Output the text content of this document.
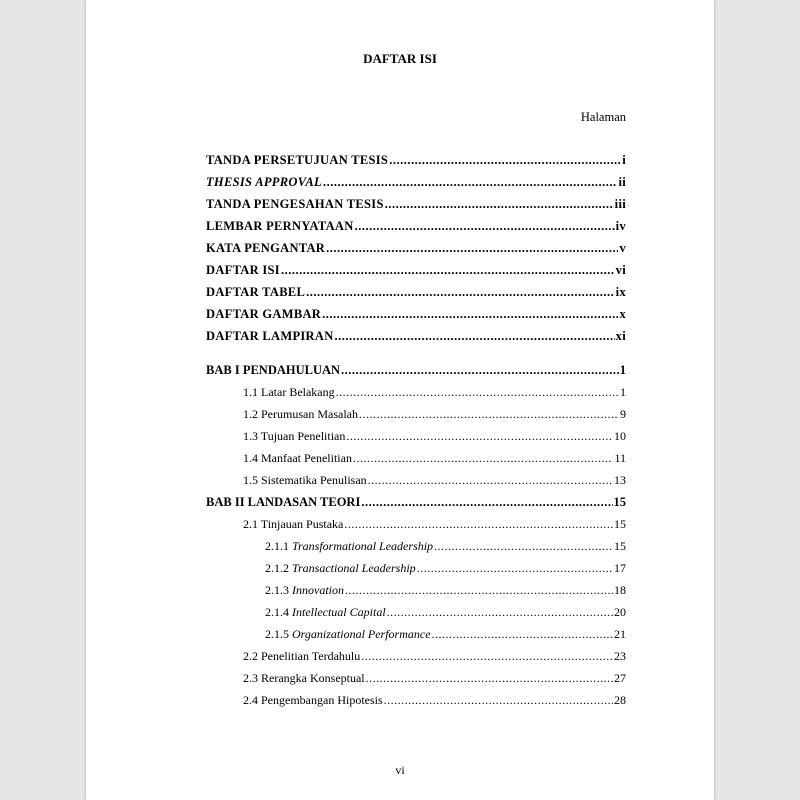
DAFTAR ISI
Halaman
TANDA PERSETUJUAN TESIS .....	i
THESIS APPROVAL .....	ii
TANDA PENGESAHAN TESIS .....	iii
LEMBAR PERNYATAAN .....	iv
KATA PENGANTAR .....	v
DAFTAR ISI .....	vi
DAFTAR TABEL .....	ix
DAFTAR GAMBAR .....	x
DAFTAR LAMPIRAN .....	xi
BAB I PENDAHULUAN .....	1
1.1 Latar Belakang .....	1
1.2 Perumusan Masalah .....	9
1.3 Tujuan Penelitian .....	10
1.4 Manfaat Penelitian .....	11
1.5 Sistematika Penulisan .....	13
BAB II LANDASAN TEORI .....	15
2.1 Tinjauan Pustaka .....	15
2.1.1 Transformational Leadership .....	15
2.1.2 Transactional Leadership .....	17
2.1.3 Innovation .....	18
2.1.4 Intellectual Capital .....	20
2.1.5 Organizational Performance .....	21
2.2 Penelitian Terdahulu .....	23
2.3 Rerangka Konseptual .....	27
2.4 Pengembangan Hipotesis .....	28
vi
